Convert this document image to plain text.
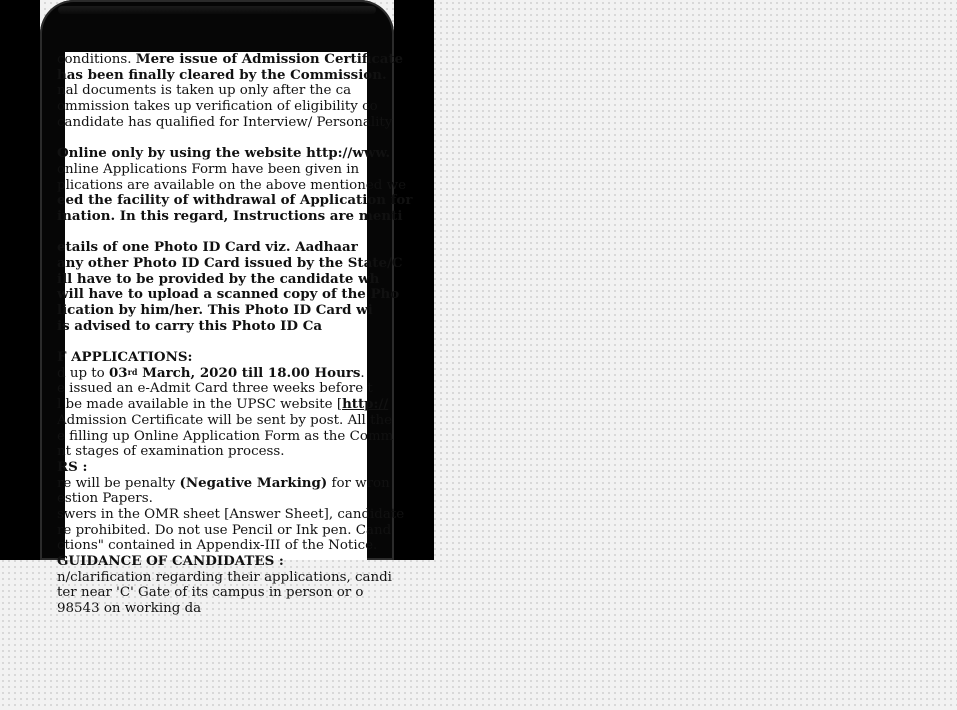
conditions. Mere issue of Admission Certificate
has been finally cleared by the Commission.
nal documents is taken up only after the ca
ommission takes up verification of eligibility co
candidate has qualified for Interview/ Personality
Online only by using the website http://www.
online Applications Form have been given in
plications are available on the above mentioned we
eed the facility of withdrawal of Application for
ination. In this regard, Instructions are menti
etails of one Photo ID Card viz. Aadhaar
any other Photo ID Card issued by the State/C
ill have to be provided by the candidate wh
will have to upload a scanned copy of the Pho
lication by him/her. This Photo ID Card wi
is advised to carry this Photo ID Ca
F APPLICATIONS:
d up to 03rd March, 2020 till 18.00 Hours.
e issued an e-Admit Card three weeks before t
l be made available in the UPSC website [http://
Admission Certificate will be sent by post. All the
e filling up Online Application Form as the Comm
nt stages of examination process.
RS :
re will be penalty (Negative Marking) for wron
estion Papers.
swers in the OMR sheet [Answer Sheet], candidate
re prohibited. Do not use Pencil or Ink pen. Cand
ctions" contained in Appendix-III of the Notice.
GUIDANCE OF CANDIDATES :
n/clarification regarding their applications, candi
ter near 'C' Gate of its campus in person or o
98543 on working da
